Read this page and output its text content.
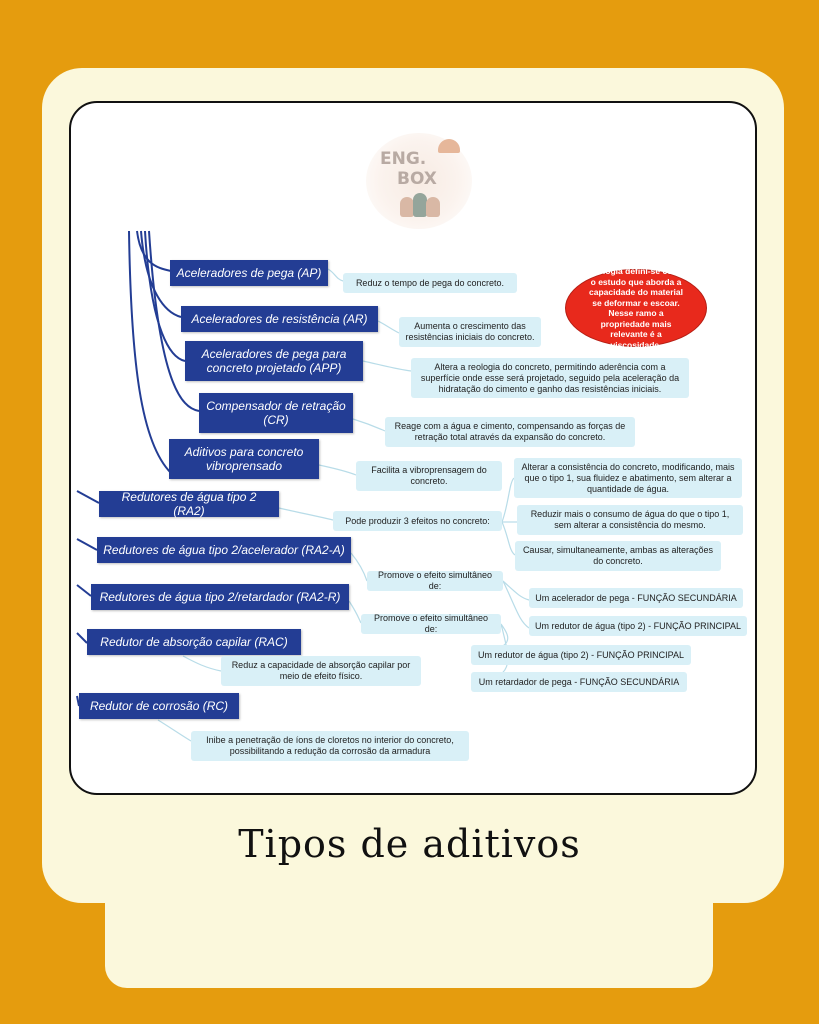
ENG.
BOX
Aceleradores de pega (AP)
Aceleradores de resistência (AR)
Aceleradores de pega para concreto projetado (APP)
Compensador de retração (CR)
Aditivos para concreto vibroprensado
Redutores de água tipo 2 (RA2)
Redutores de água tipo 2/acelerador (RA2-A)
Redutores de água tipo 2/retardador (RA2-R)
Redutor de absorção capilar (RAC)
Redutor de corrosão (RC)
Reduz o tempo de pega do concreto.
Aumenta o crescimento das resistências iniciais do concreto.
Altera a reologia do concreto, permitindo aderência com a superfície onde esse será projetado, seguido pela aceleração da hidratação do cimento e ganho das resistências iniciais.
Reage com a água e cimento, compensando as forças de retração total através da expansão do concreto.
Facilita a vibroprensagem do concreto.
Pode produzir 3 efeitos no concreto:
Alterar a consistência do concreto, modificando, mais que o tipo 1, sua fluidez e abatimento, sem alterar a quantidade de água.
Reduzir mais o consumo de água do que o tipo 1, sem alterar a consistência do mesmo.
Causar, simultaneamente, ambas as alterações do concreto.
Promove o efeito simultâneo de:
Um acelerador de pega - FUNÇÃO SECUNDÁRIA
Um redutor de água (tipo 2) - FUNÇÃO PRINCIPAL
Promove o efeito simultâneo de:
Um redutor de água (tipo 2) - FUNÇÃO PRINCIPAL
Um retardador de pega - FUNÇÃO SECUNDÁRIA
Reduz a capacidade de absorção capilar por meio de efeito físico.
Inibe a penetração de íons de cloretos no interior do concreto, possibilitando a redução da corrosão da armadura
Reologia defini-se como o estudo que aborda a capacidade do material se deformar e escoar. Nesse ramo a propriedade mais relevante é a viscosidade.
Tipos de aditivos
